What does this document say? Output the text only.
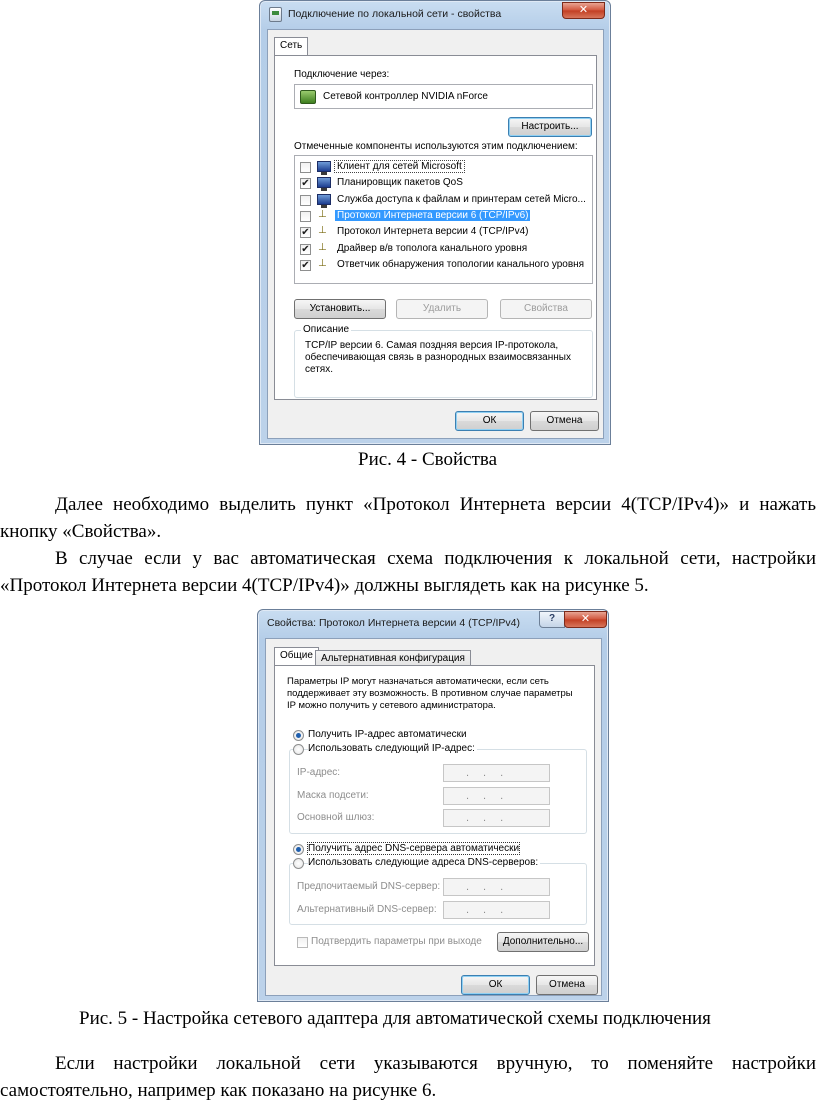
Подключение по локальной сети - свойства	✕
Сеть
Подключение через:
Сетевой контроллер NVIDIA nForce
Настроить...
Отмеченные компоненты используются этим подключением:
Клиент для сетей Microsoft
✔	Планировщик пакетов QoS
Служба доступа к файлам и принтерам сетей Micro...
⊥ Протокол Интернета версии 6 (TCP/IPv6)
✔ ⊥ Протокол Интернета версии 4 (TCP/IPv4)
✔ ⊥ Драйвер в/в тополога канального уровня
✔ ⊥ Ответчик обнаружения топологии канального уровня
Установить...	Удалить	Свойства
Описание
TCP/IP версии 6. Самая поздняя версия IP-протокола, обеспечивающая связь в разнородных взаимосвязанных сетях.
ОК	Отмена
Рис. 4 - Свойства
Далее необходимо выделить пункт «Протокол Интернета версии 4(TCP/IPv4)» и нажать кнопку «Свойства».
В случае если у вас автоматическая схема подключения к локальной сети, настройки «Протокол Интернета версии 4(TCP/IPv4)» должны выглядеть как на рисунке 5.
Свойства: Протокол Интернета версии 4 (TCP/IPv4)	?	✕
Общие Альтернативная конфигурация
Параметры IP могут назначаться автоматически, если сеть поддерживает эту возможность. В противном случае параметры IP можно получить у сетевого администратора.
Получить IP-адрес автоматически
Использовать следующий IP-адрес:
IP-адрес:	...
Маска подсети:	...
Основной шлюз:	...
Получить адрес DNS-сервера автоматически
Использовать следующие адреса DNS-серверов:
Предпочитаемый DNS-сервер:	...
Альтернативный DNS-сервер:	...
Подтвердить параметры при выходе	Дополнительно...
ОК	Отмена
Рис. 5 - Настройка сетевого адаптера для автоматической схемы подключения
Если настройки локальной сети указываются вручную, то поменяйте настройки самостоятельно, например как показано на рисунке 6.
